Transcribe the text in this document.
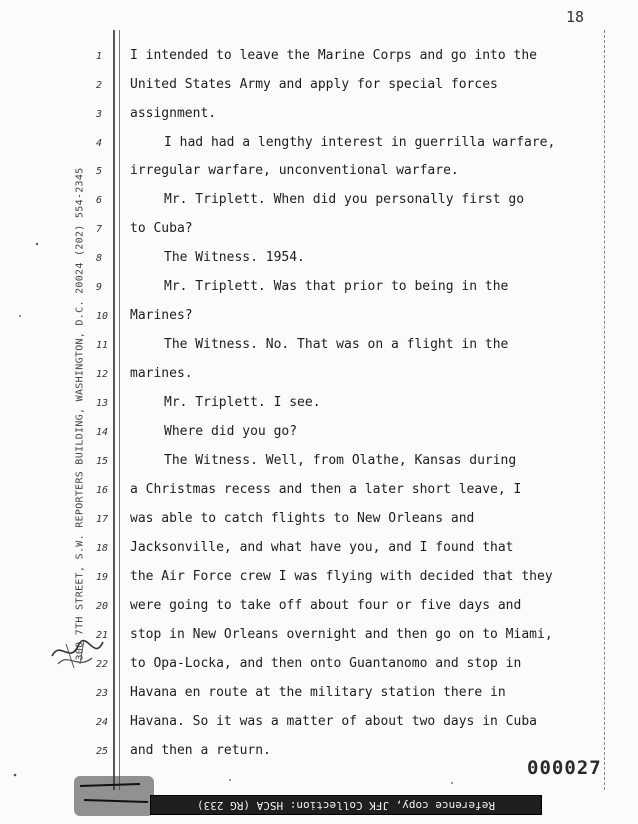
18
300 7TH STREET, S.W. REPORTERS BUILDING, WASHINGTON, D.C. 20024 (202) 554-2345
1 I intended to leave the Marine Corps and go into the
2 United States Army and apply for special forces
3 assignment.
4	I had had a lengthy interest in guerrilla warfare,
5 irregular warfare, unconventional warfare.
6	Mr. Triplett. When did you personally first go
7 to Cuba?
8	The Witness. 1954.
9	Mr. Triplett. Was that prior to being in the
10 Marines?
11	The Witness. No. That was on a flight in the
12 marines.
13	Mr. Triplett. I see.
14	Where did you go?
15	The Witness. Well, from Olathe, Kansas during
16 a Christmas recess and then a later short leave, I
17 was able to catch flights to New Orleans and
18 Jacksonville, and what have you, and I found that
19 the Air Force crew I was flying with decided that they
20 were going to take off about four or five days and
21 stop in New Orleans overnight and then go on to Miami,
22 to Opa-Locka, and then onto Guantanomo and stop in
23 Havana en route at the military station there in
24 Havana. So it was a matter of about two days in Cuba
25 and then a return.
000027
Reference copy, JFK Collection: HSCA (RG 233)
